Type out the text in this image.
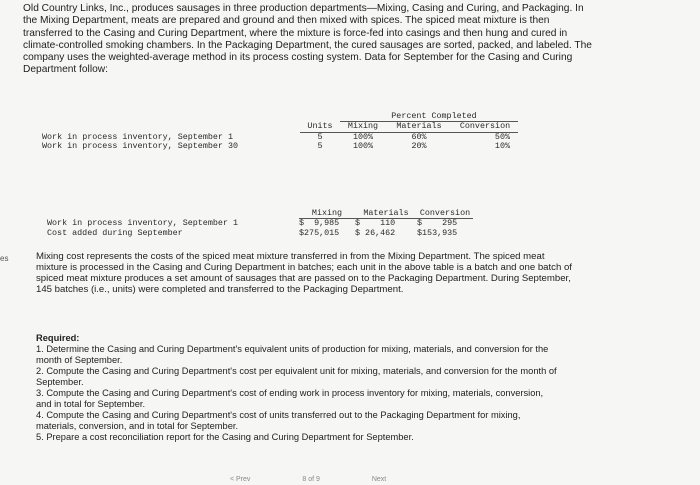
Old Country Links, Inc., produces sausages in three production departments—Mixing, Casing and Curing, and Packaging. In
the Mixing Department, meats are prepared and ground and then mixed with spices. The spiced meat mixture is then
transferred to the Casing and Curing Department, where the mixture is force-fed into casings and then hung and cured in
climate-controlled smoking chambers. In the Packaging Department, the cured sausages are sorted, packed, and labeled. The
company uses the weighted-average method in its process costing system. Data for September for the Casing and Curing
Department follow:

		Percent Completed		
	Units	Mixing	Materials	Conversion
Work in process inventory, September 1	5	100%	60%	50%
Work in process inventory, September 30	5	100%	20%	10%
	Mixing	Materials	Conversion
Work in process inventory, September 1	$  9,985	$    110	$    295
Cost added during September	$275,015	$ 26,462	$153,935
es	Mixing cost represents the costs of the spiced meat mixture transferred in from the Mixing Department. The spiced meat
mixture is processed in the Casing and Curing Department in batches; each unit in the above table is a batch and one batch of
spiced meat mixture produces a set amount of sausages that are passed on to the Packaging Department. During September,
145 batches (i.e., units) were completed and transferred to the Packaging Department.

Required:
1. Determine the Casing and Curing Department's equivalent units of production for mixing, materials, and conversion for the
month of September.
2. Compute the Casing and Curing Department's cost per equivalent unit for mixing, materials, and conversion for the month of
September.
3. Compute the Casing and Curing Department's cost of ending work in process inventory for mixing, materials, conversion,
and in total for September.
4. Compute the Casing and Curing Department's cost of units transferred out to the Packaging Department for mixing,
materials, conversion, and in total for September.
5. Prepare a cost reconciliation report for the Casing and Curing Department for September.
< Prev	8 of 9	Next
